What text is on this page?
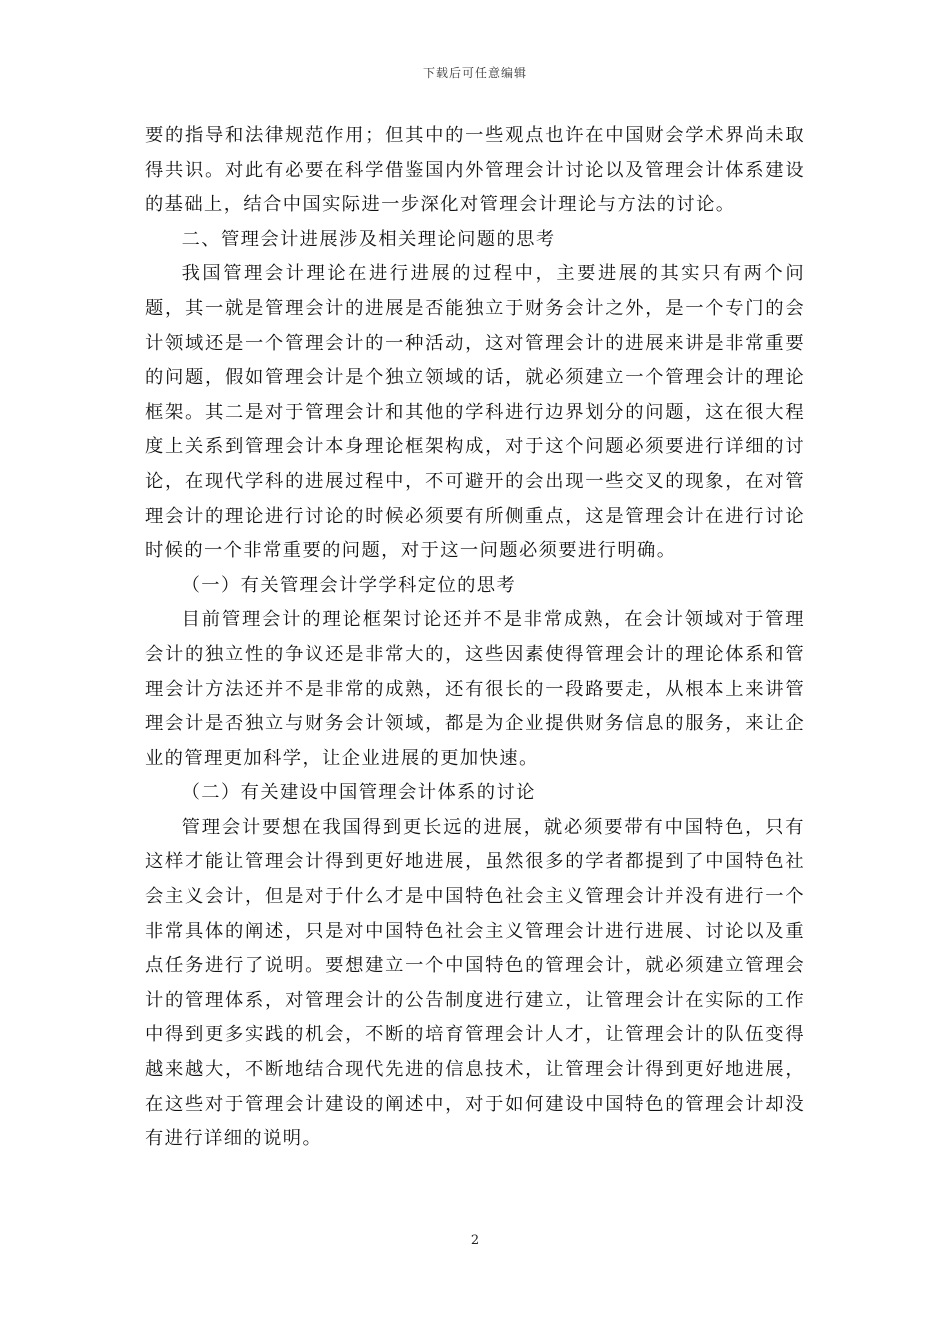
下载后可任意编辑

要的指导和法律规范作用；但其中的一些观点也许在中国财会学术界尚未取得共识。对此有必要在科学借鉴国内外管理会计讨论以及管理会计体系建设的基础上，结合中国实际进一步深化对管理会计理论与方法的讨论。

二、管理会计进展涉及相关理论问题的思考

我国管理会计理论在进行进展的过程中，主要进展的其实只有两个问题，其一就是管理会计的进展是否能独立于财务会计之外，是一个专门的会计领域还是一个管理会计的一种活动，这对管理会计的进展来讲是非常重要的问题，假如管理会计是个独立领域的话，就必须建立一个管理会计的理论框架。其二是对于管理会计和其他的学科进行边界划分的问题，这在很大程度上关系到管理会计本身理论框架构成，对于这个问题必须要进行详细的讨论，在现代学科的进展过程中，不可避开的会出现一些交叉的现象，在对管理会计的理论进行讨论的时候必须要有所侧重点，这是管理会计在进行讨论时候的一个非常重要的问题，对于这一问题必须要进行明确。

（一）有关管理会计学学科定位的思考

目前管理会计的理论框架讨论还并不是非常成熟，在会计领域对于管理会计的独立性的争议还是非常大的，这些因素使得管理会计的理论体系和管理会计方法还并不是非常的成熟，还有很长的一段路要走，从根本上来讲管理会计是否独立与财务会计领域，都是为企业提供财务信息的服务，来让企业的管理更加科学，让企业进展的更加快速。

（二）有关建设中国管理会计体系的讨论

管理会计要想在我国得到更长远的进展，就必须要带有中国特色，只有这样才能让管理会计得到更好地进展，虽然很多的学者都提到了中国特色社会主义会计，但是对于什么才是中国特色社会主义管理会计并没有进行一个非常具体的阐述，只是对中国特色社会主义管理会计进行进展、讨论以及重点任务进行了说明。要想建立一个中国特色的管理会计，就必须建立管理会计的管理体系，对管理会计的公告制度进行建立，让管理会计在实际的工作中得到更多实践的机会，不断的培育管理会计人才，让管理会计的队伍变得越来越大，不断地结合现代先进的信息技术，让管理会计得到更好地进展，在这些对于管理会计建设的阐述中，对于如何建设中国特色的管理会计却没有进行详细的说明。

2
